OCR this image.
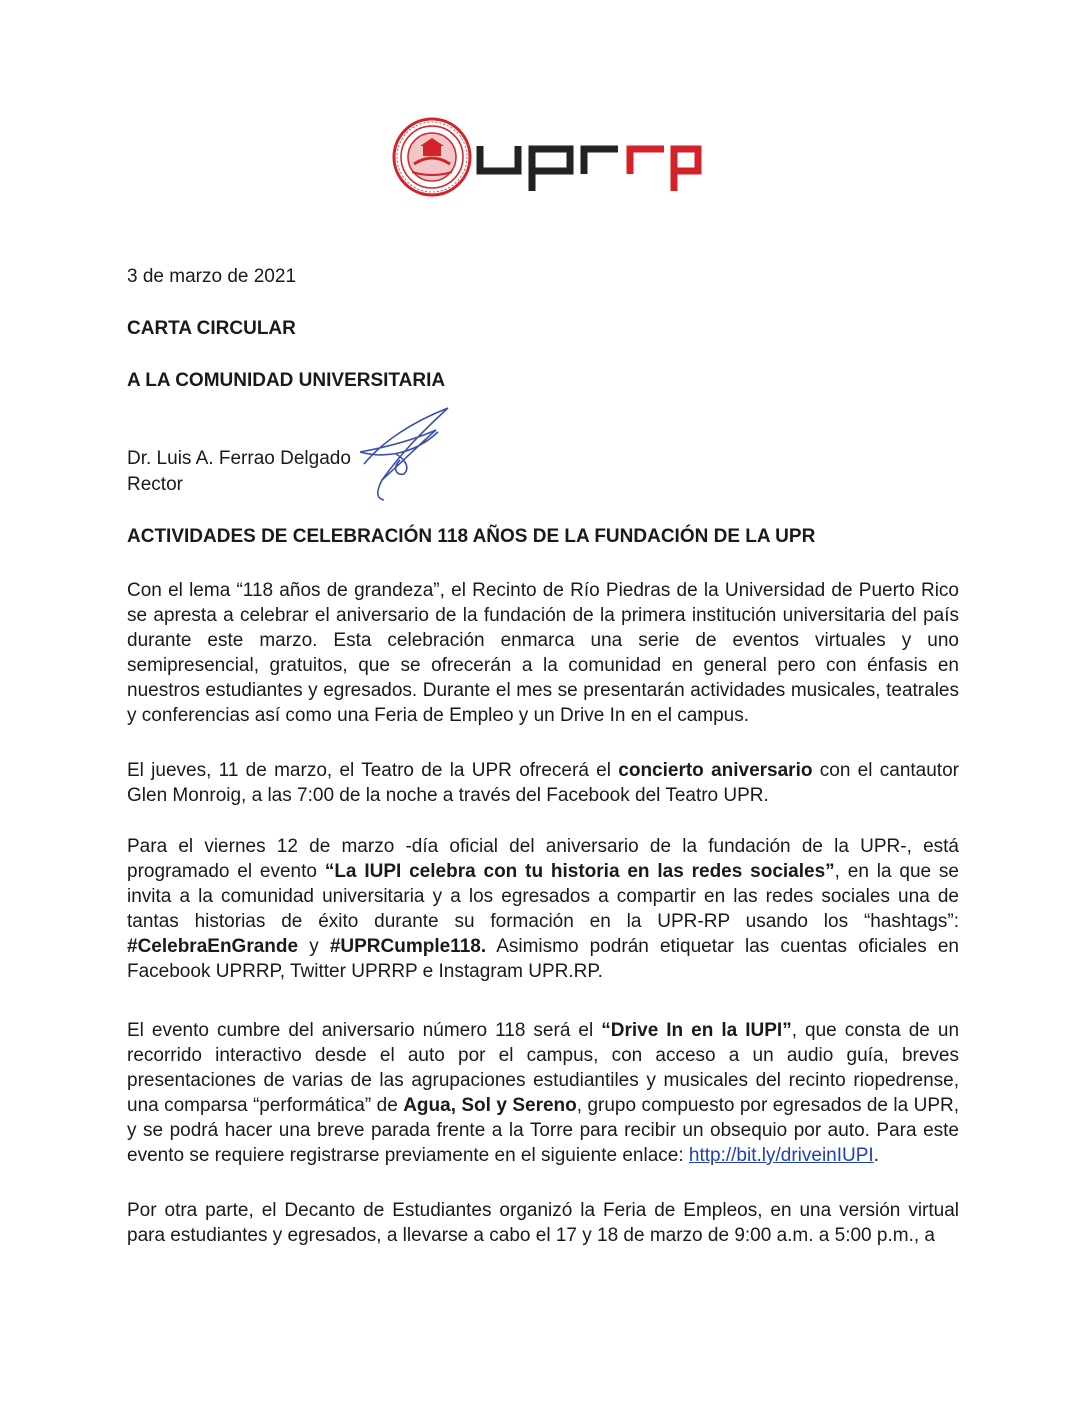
3 de marzo de 2021
CARTA CIRCULAR
A LA COMUNIDAD UNIVERSITARIA
Dr. Luis A. Ferrao Delgado
Rector
ACTIVIDADES DE CELEBRACIÓN 118 AÑOS DE LA FUNDACIÓN DE LA UPR
Con el lema “118 años de grandeza”, el Recinto de Río Piedras de la Universidad de Puerto Rico se apresta a celebrar el aniversario de la fundación de la primera institución universitaria del país durante este marzo. Esta celebración enmarca una serie de eventos virtuales y uno semipresencial, gratuitos, que se ofrecerán a la comunidad en general pero con énfasis en nuestros estudiantes y egresados. Durante el mes se presentarán actividades musicales, teatrales y conferencias así como una Feria de Empleo y un Drive In en el campus.
El jueves, 11 de marzo, el Teatro de la UPR ofrecerá el concierto aniversario con el cantautor Glen Monroig, a las 7:00 de la noche a través del Facebook del Teatro UPR.
Para el viernes 12 de marzo -día oficial del aniversario de la fundación de la UPR-, está programado el evento “La IUPI celebra con tu historia en las redes sociales”, en la que se invita a la comunidad universitaria y a los egresados a compartir en las redes sociales una de tantas historias de éxito durante su formación en la UPR-RP usando los “hashtags”: #CelebraEnGrande y #UPRCumple118. Asimismo podrán etiquetar las cuentas oficiales en Facebook UPRRP, Twitter UPRRP e Instagram UPR.RP.
El evento cumbre del aniversario número 118 será el “Drive In en la IUPI”, que consta de un recorrido interactivo desde el auto por el campus, con acceso a un audio guía, breves presentaciones de varias de las agrupaciones estudiantiles y musicales del recinto riopedrense, una comparsa “performática” de Agua, Sol y Sereno, grupo compuesto por egresados de la UPR, y se podrá hacer una breve parada frente a la Torre para recibir un obsequio por auto. Para este evento se requiere registrarse previamente en el siguiente enlace: http://bit.ly/driveinIUPI.
Por otra parte, el Decanto de Estudiantes organizó la Feria de Empleos, en una versión virtual para estudiantes y egresados, a llevarse a cabo el 17 y 18 de marzo de 9:00 a.m. a 5:00 p.m., a
